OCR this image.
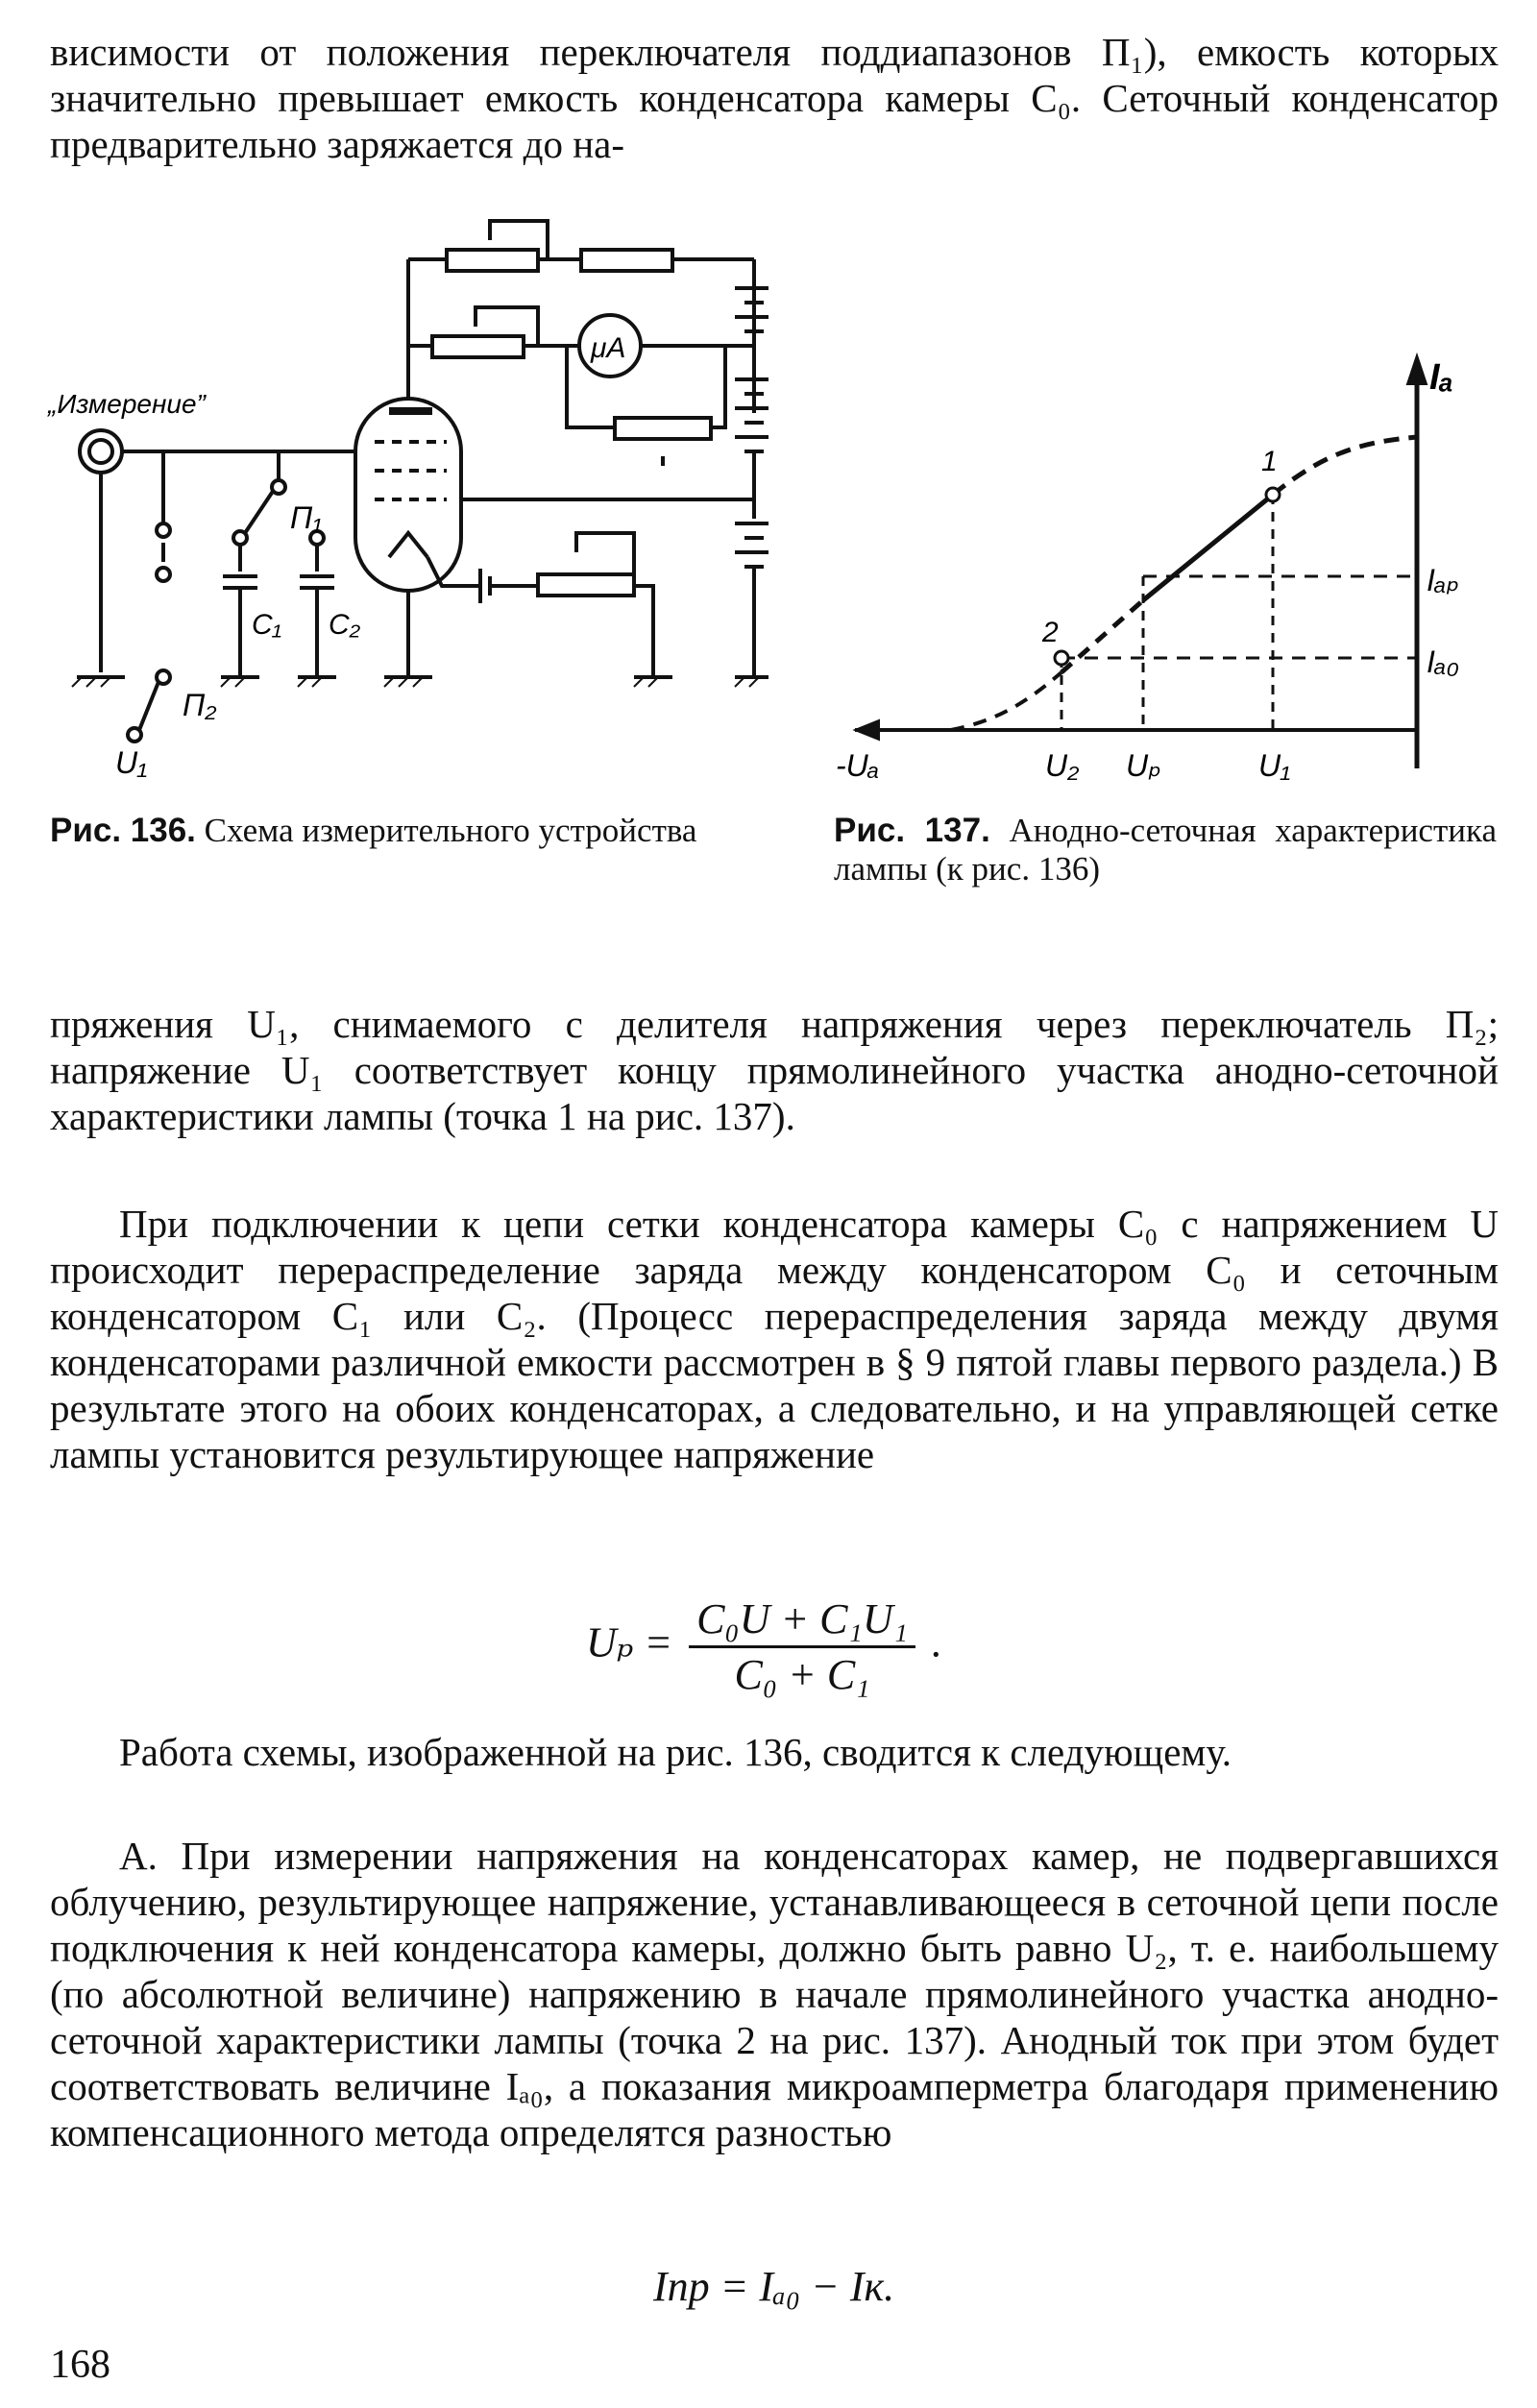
висимости от положения переключателя поддиапазонов П₁), емкость которых значительно превышает емкость конденсатора камеры C₀. Сеточный конденсатор предварительно заряжается до на-

„Измерение”
μA
П₁
C₁ C₂
П₂
U₁
Iₐ
Iₐₚ
Iₐ₀
1
2
-Uₐ	U₂ Uₚ	U₁
Рис. 136. Схема измерительного устройства	Рис. 137. Анодно-сеточная характеристика лампы (к рис. 136)

пряжения U₁, снимаемого с делителя напряжения через переключатель П₂; напряжение U₁ соответствует концу прямолинейного участка анодно-сеточной характеристики лампы (точка 1 на рис. 137).

При подключении к цепи сетки конденсатора камеры C₀ с напряжением U происходит перераспределение заряда между конденсатором C₀ и сеточным конденсатором C₁ или C₂. (Процесс перераспределения заряда между двумя конденсаторами различной емкости рассмотрен в § 9 пятой главы первого раздела.) В результате этого на обоих конденсаторах, а следовательно, и на управляющей сетке лампы установится результирующее напряжение

$U_p = \frac{\text{C₀U + C₁U₁}}{\text{C₀ + C₁}}$ .

Работа схемы, изображенной на рис. 136, сводится к следующему.

А. При измерении напряжения на конденсаторах камер, не подвергавшихся облучению, результирующее напряжение, устанавливающееся в сеточной цепи после подключения к ней конденсатора камеры, должно быть равно U₂, т. е. наибольшему (по абсолютной величине) напряжению в начале прямолинейного участка анодно-сеточной характеристики лампы (точка 2 на рис. 137). Анодный ток при этом будет соответствовать величине Iₐ₀, а показания микроамперметра благодаря применению компенсационного метода определятся разностью

Iпр = Iₐ₀ − Iк.
168
